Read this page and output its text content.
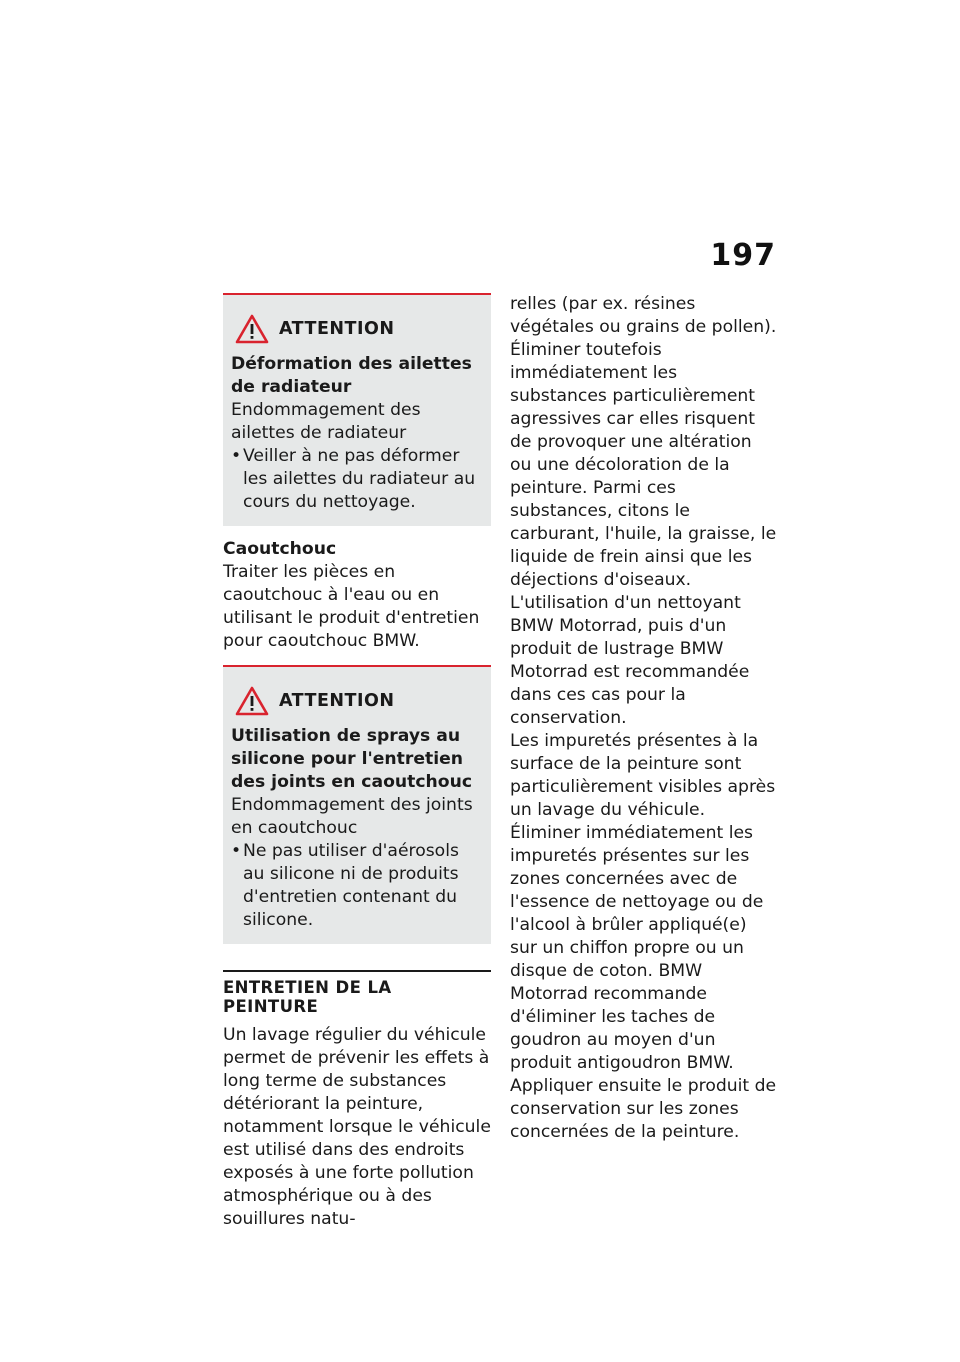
197
ATTENTION
Déformation des ailettes de radiateur
Endommagement des ailettes de radiateur
• Veiller à ne pas déformer les ailettes du radiateur au cours du nettoyage.

Caoutchouc

Traiter les pièces en caoutchouc à l'eau ou en utilisant le produit d'entretien pour caoutchouc BMW.

ATTENTION
Utilisation de sprays au silicone pour l'entretien des joints en caoutchouc
Endommagement des joints en caoutchouc
• Ne pas utiliser d'aérosols au silicone ni de produits d'entretien contenant du silicone.

ENTRETIEN DE LA PEINTURE

Un lavage régulier du véhicule permet de prévenir les effets à long terme de substances détériorant la peinture, notamment lorsque le véhicule est utilisé dans des endroits exposés à une forte pollution atmosphérique ou à des souillures natu-

relles (par ex. résines végétales ou grains de pollen).

Éliminer toutefois immédiatement les substances particulièrement agressives car elles risquent de provoquer une altération ou une décoloration de la peinture. Parmi ces substances, citons le carburant, l'huile, la graisse, le liquide de frein ainsi que les déjections d'oiseaux. L'utilisation d'un nettoyant BMW Motorrad, puis d'un produit de lustrage BMW Motorrad est recommandée dans ces cas pour la conservation.

Les impuretés présentes à la surface de la peinture sont particulièrement visibles après un lavage du véhicule. Éliminer immédiatement les impuretés présentes sur les zones concernées avec de l'essence de nettoyage ou de l'alcool à brûler appliqué(e) sur un chiffon propre ou un disque de coton. BMW Motorrad recommande d'éliminer les taches de goudron au moyen d'un produit antigoudron BMW. Appliquer ensuite le produit de conservation sur les zones concernées de la peinture.
